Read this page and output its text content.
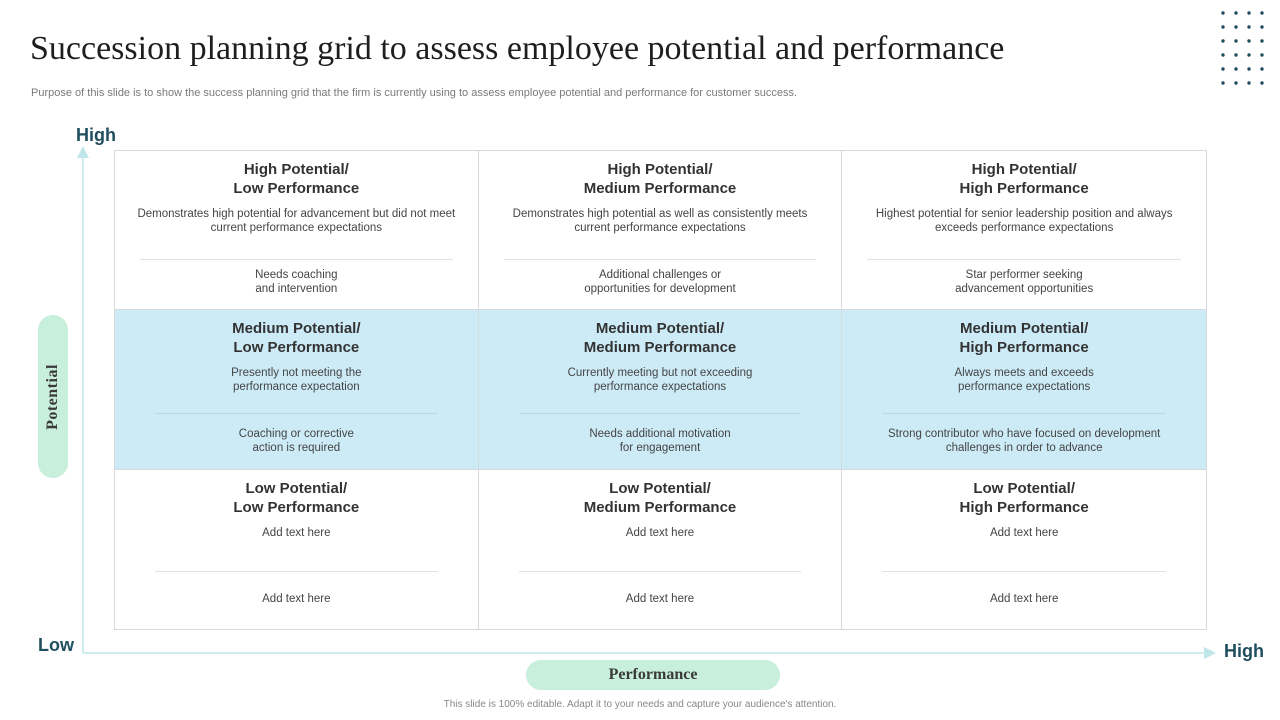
Succession planning grid to assess employee potential and performance
Purpose of this slide is to show the success planning grid that the firm is currently using to assess employee potential and performance for customer success.
High
Low	High
Potential
Performance
High Potential/
Low Performance
Demonstrates high potential for advancement but did not meet current performance expectations
Needs coaching
and intervention
High Potential/
Medium Performance
Demonstrates high potential as well as consistently meets current performance expectations
Additional challenges or
opportunities for development
High Potential/
High Performance
Highest potential for senior leadership position and always exceeds performance expectations
Star performer seeking
advancement opportunities
Medium Potential/
Low Performance
Presently not meeting the
performance expectation
Coaching or corrective
action is required
Medium Potential/
Medium Performance
Currently meeting but not exceeding
performance expectations
Needs additional motivation
for engagement
Medium Potential/
High Performance
Always meets and exceeds
performance expectations
Strong contributor who have focused on development challenges in order to advance
Low Potential/
Low Performance
Add text here
Add text here
Low Potential/
Medium Performance
Add text here
Add text here
Low Potential/
High Performance
Add text here
Add text here
This slide is 100% editable. Adapt it to your needs and capture your audience's attention.
